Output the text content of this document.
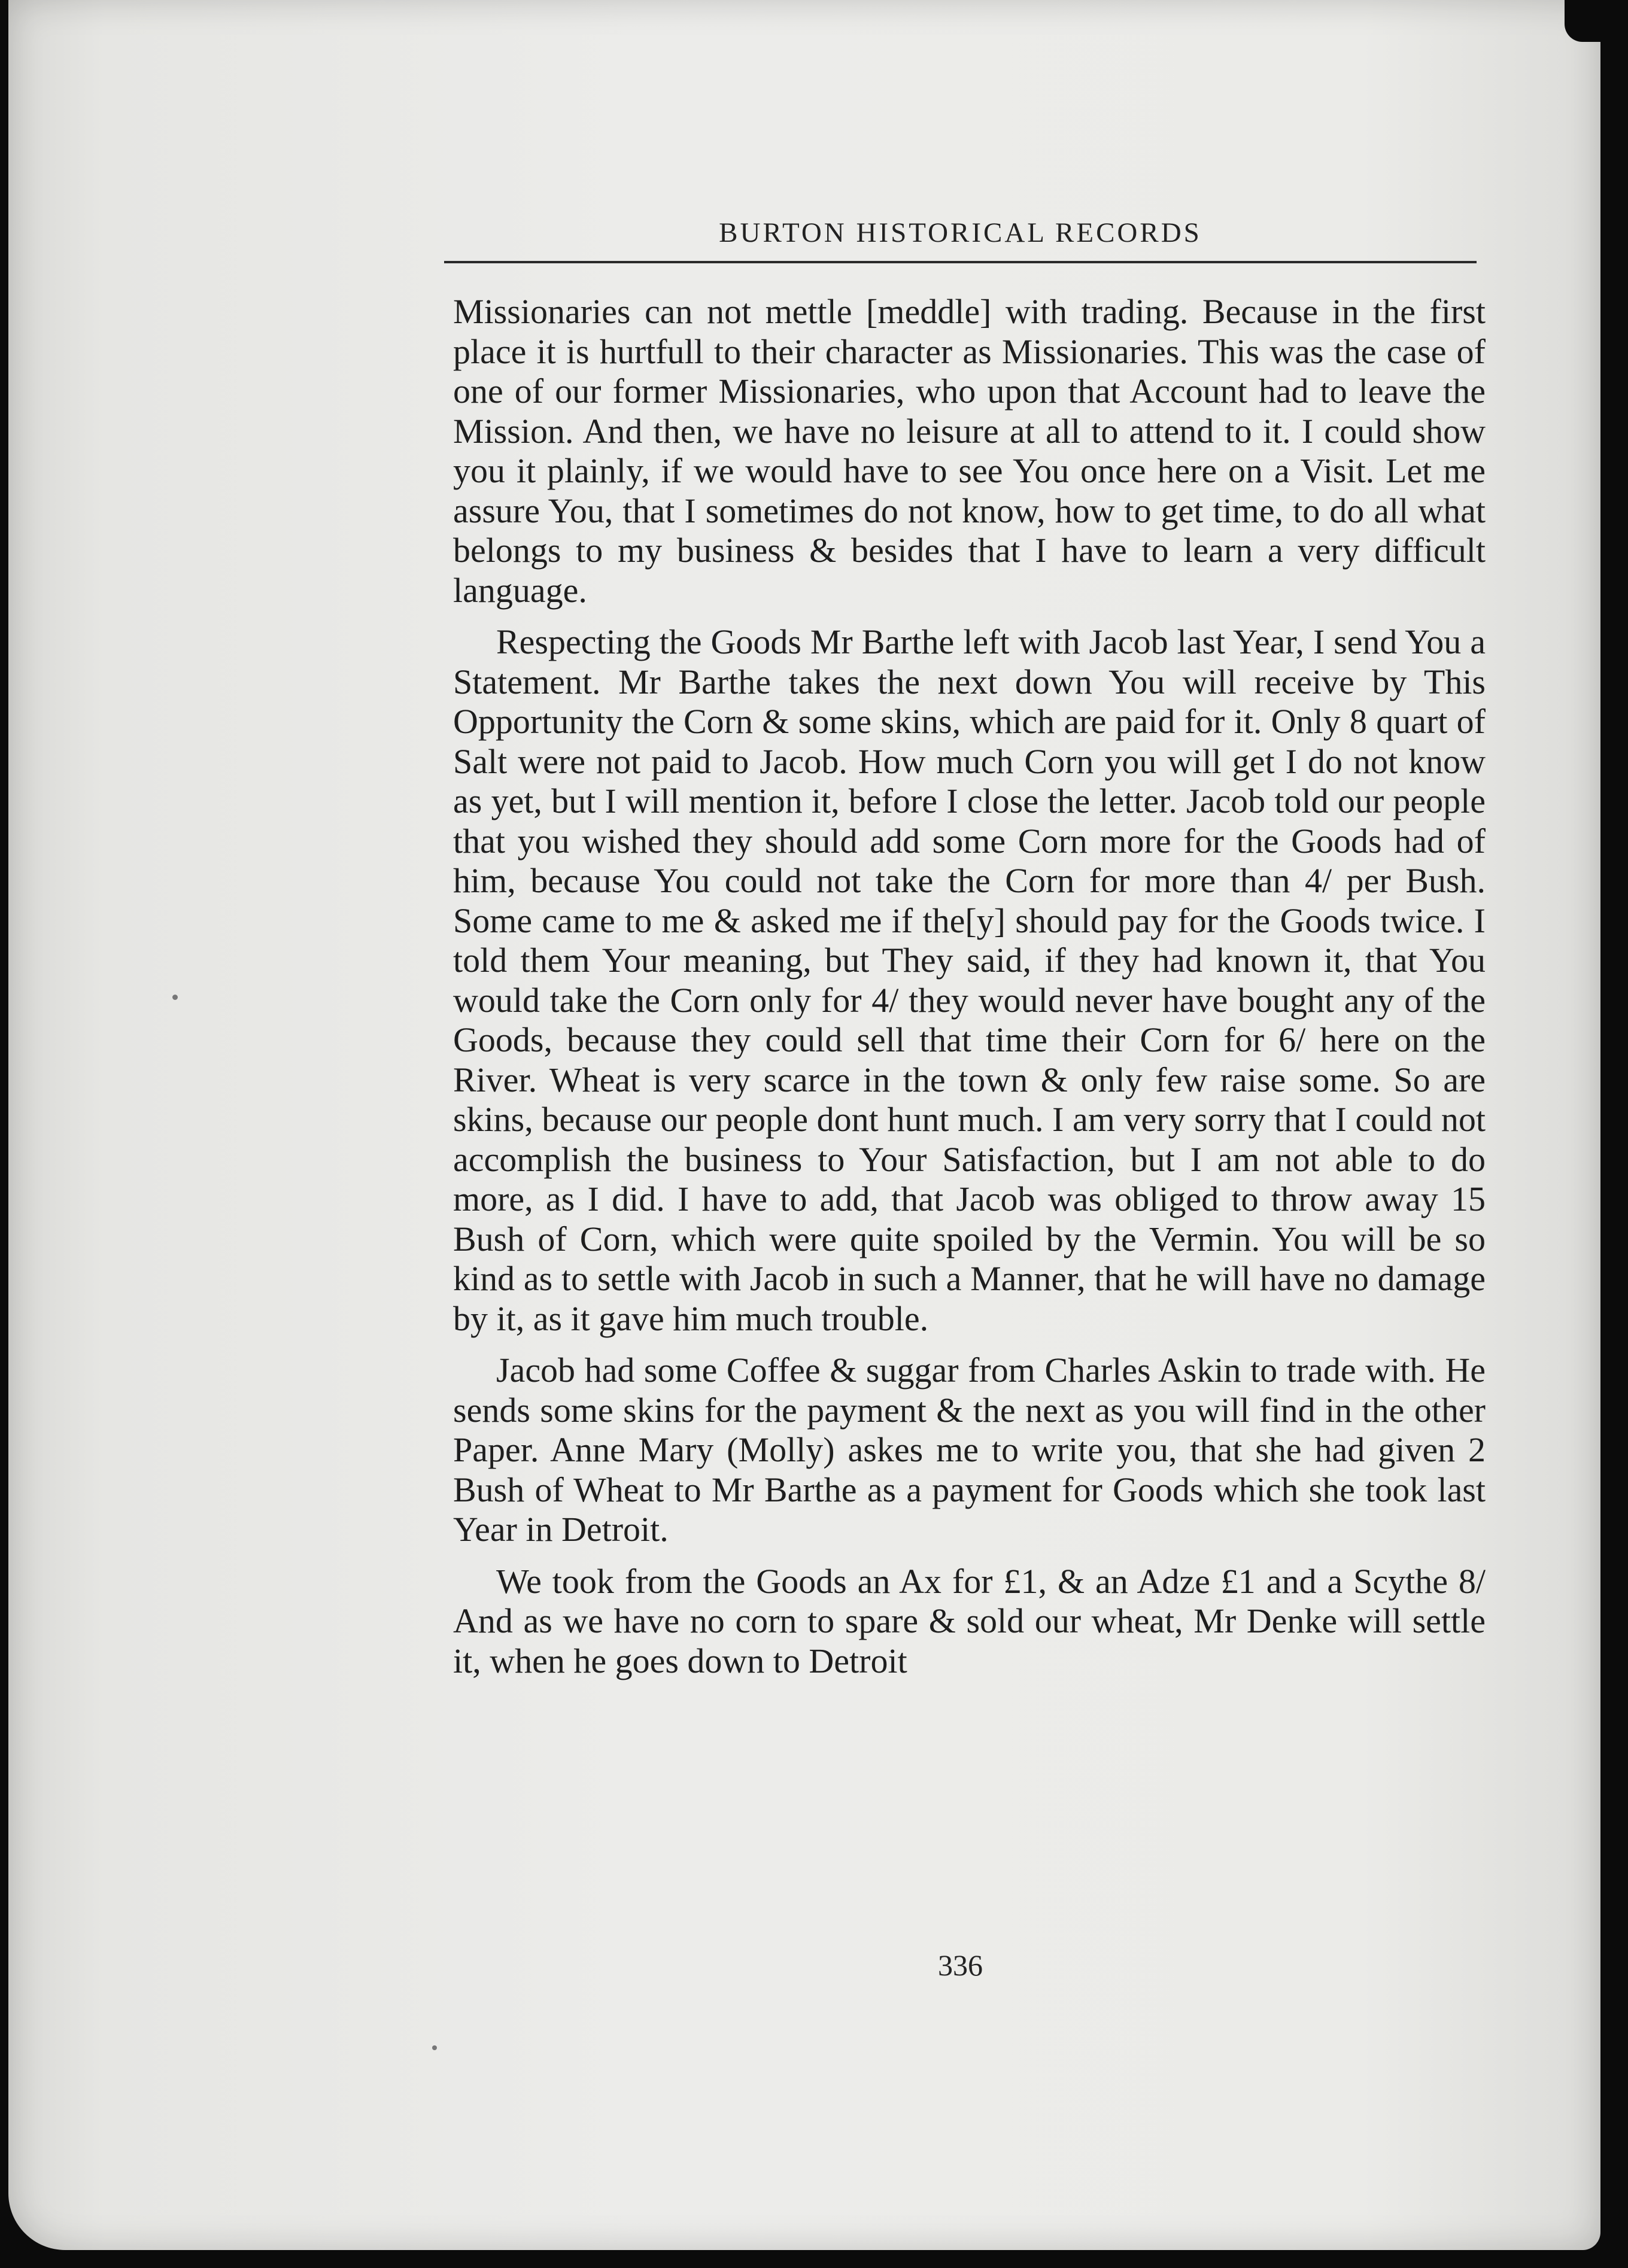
BURTON HISTORICAL RECORDS

Missionaries can not mettle [meddle] with trading. Because in the first place it is hurtfull to their character as Missionaries. This was the case of one of our former Missionaries, who upon that Account had to leave the Mission. And then, we have no leisure at all to attend to it. I could show you it plainly, if we would have to see You once here on a Visit. Let me assure You, that I sometimes do not know, how to get time, to do all what belongs to my business & besides that I have to learn a very difficult language.

Respecting the Goods Mr Barthe left with Jacob last Year, I send You a Statement. Mr Barthe takes the next down You will receive by This Opportunity the Corn & some skins, which are paid for it. Only 8 quart of Salt were not paid to Jacob. How much Corn you will get I do not know as yet, but I will mention it, before I close the letter. Jacob told our people that you wished they should add some Corn more for the Goods had of him, because You could not take the Corn for more than 4/ per Bush. Some came to me & asked me if the[y] should pay for the Goods twice. I told them Your meaning, but They said, if they had known it, that You would take the Corn only for 4/ they would never have bought any of the Goods, because they could sell that time their Corn for 6/ here on the River. Wheat is very scarce in the town & only few raise some. So are skins, because our people dont hunt much. I am very sorry that I could not accomplish the business to Your Satisfaction, but I am not able to do more, as I did. I have to add, that Jacob was obliged to throw away 15 Bush of Corn, which were quite spoiled by the Vermin. You will be so kind as to settle with Jacob in such a Manner, that he will have no damage by it, as it gave him much trouble.

Jacob had some Coffee & suggar from Charles Askin to trade with. He sends some skins for the payment & the next as you will find in the other Paper. Anne Mary (Molly) askes me to write you, that she had given 2 Bush of Wheat to Mr Barthe as a payment for Goods which she took last Year in Detroit.

We took from the Goods an Ax for £1, & an Adze £1 and a Scythe 8/ And as we have no corn to spare & sold our wheat, Mr Denke will settle it, when he goes down to Detroit

336
